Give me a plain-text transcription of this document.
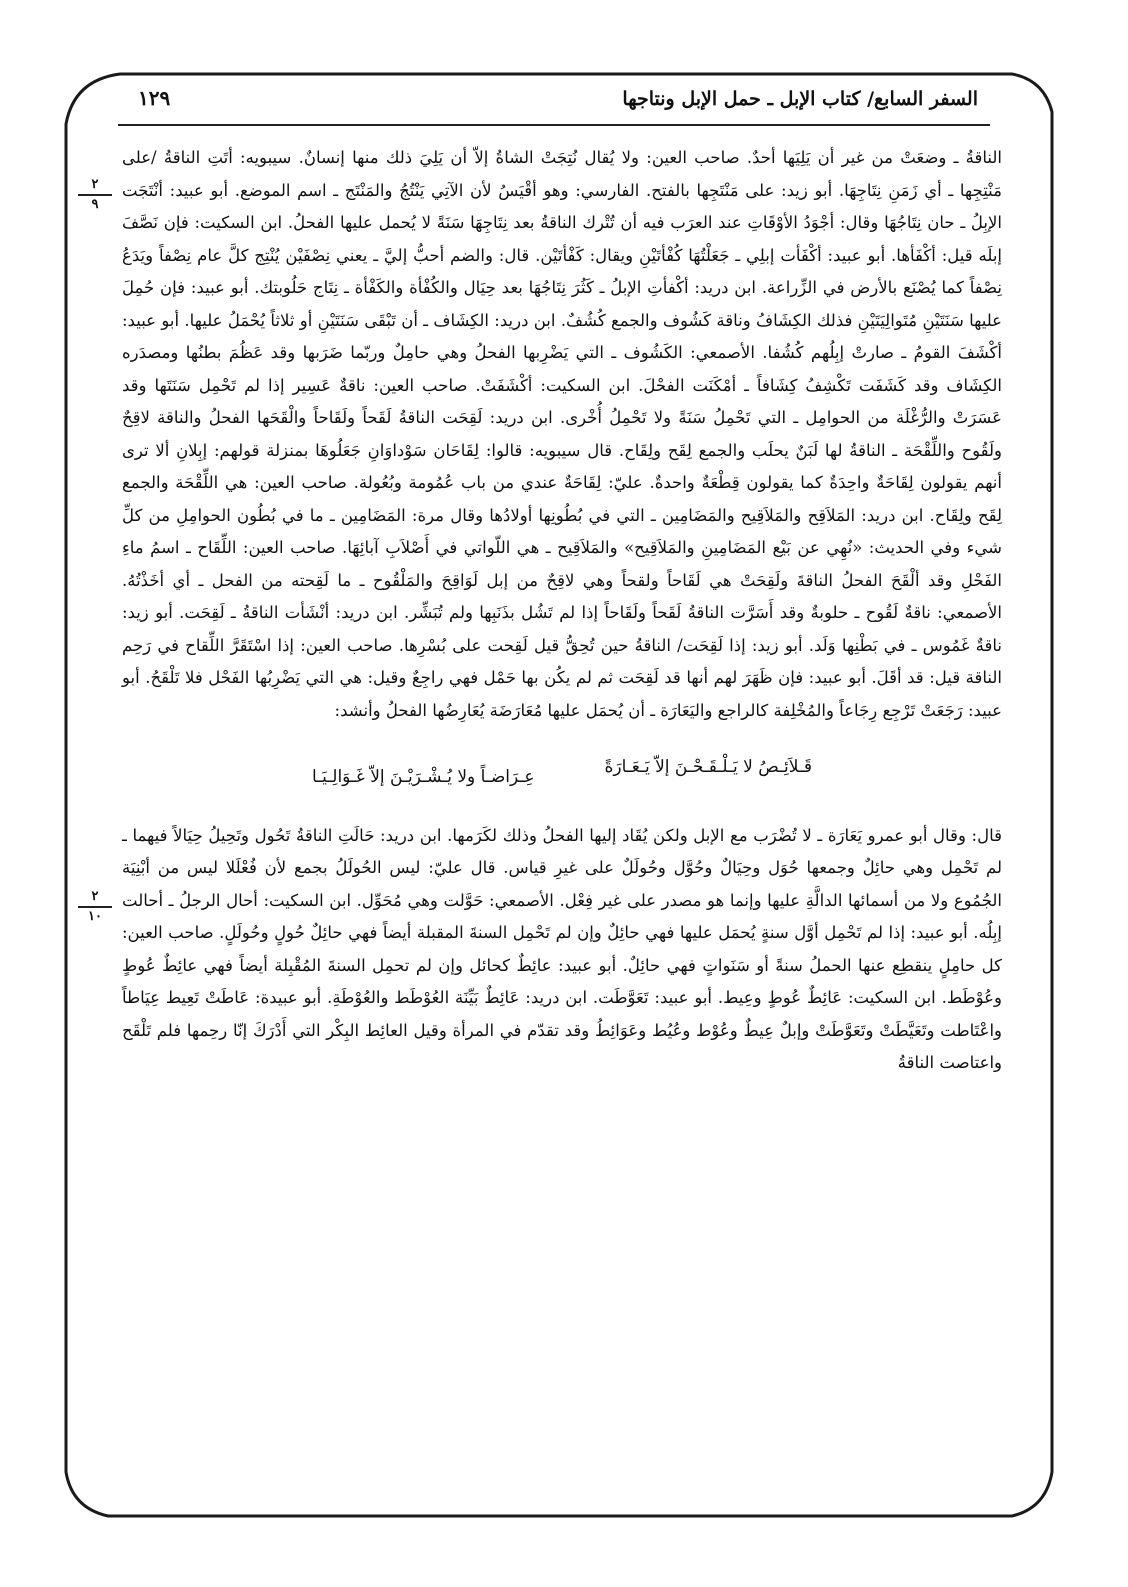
السفر السابع/ كتاب الإبل ـ حمل الإبل ونتاجها
١٢٩

الناقةُ ـ وضعَتْ من غير أن يَلِيَها أحدٌ. صاحب العين: ولا يُقال نُتِجَتْ الشاةُ إلاّ أن يَلِيَ ذلك منها إنسانٌ. سيبويه: أتَتِ الناقةُ /على مَنْتِجِها ـ أي زَمَنِ نِتَاجِهَا. أبو زيد: على مَنْتَجِها بالفتح. الفارسي: وهو أقْيَسُ لأن الآتِي يَنْتُجُ والمَنْتَج ـ اسم الموضع. أبو عبيد: أنْتَجَت الإبِلُ ـ حان نِتَاجُهَا وقال: أجْوَدُ الأوْقَاتِ عند العرَب فيه أن تُتْرك الناقةُ بعد نِتَاجِهَا سَنَةً لا يُحمل عليها الفحلُ. ابن السكيت: فإن نَصَّفَ إبلَه قيل: أكْفَأها. أبو عبيد: أكْفَأت إبلِي ـ جَعَلْتُهَا كُفْأتَيْنِ ويقال: كَفْأتَيْن. قال: والضم أحبُّ إليَّ ـ يعني نِصْفَيْن يُنْتِج كلَّ عام نِصْفاً ويَدَعُ نِصْفاً كما يُصْنَع بالأرض في الزِّراعة. ابن دريد: أكْفأتِ الإبلُ ـ كَثُرَ نِتَاجُهَا بعد حِيَال والكُفْأة والكَفْأة ـ نِتَاج حَلُوبتك. أبو عبيد: فإن حُمِلَ عليها سَنَتَيْنِ مُتَوالِيَتَيْنِ فذلك الكِشَافُ وناقة كَشُوف والجمع كُشُفٌ. ابن دريد: الكِشَاف ـ أن تَبْقَى سَنَتَيْنِ أو ثلاثاً يُحْمَلُ عليها. أبو عبيد: أكْشَفَ القومُ ـ صارتْ إبِلُهم كُشُفا. الأصمعي: الكَشُوف ـ التي يَضْرِبها الفحلُ وهي حامِلٌ وربّما ضَرَبها وقد عَظُمَ بطنُها ومصدَره الكِشَاف وقد كَشَفَت تَكْشِفُ كِشَافاً ـ أمْكَنَت الفحْلَ. ابن السكيت: أكْشَفَتْ. صاحب العين: ناقةٌ عَسِير إذا لم تَحْمِل سَنَتَها وقد عَسَرَتْ والرُّغْلَة من الحوامِل ـ التي تَحْمِلُ سَنَةً ولا تَحْمِلُ أُخْرى. ابن دريد: لَقِحَت الناقةُ لَقَحاً ولَقَاحاً والْقَحَها الفحلُ والناقة لاقِحٌ ولَقُوح واللِّقْحَة ـ الناقةُ لها لَبَنٌ يحلَب والجمع لِقَح ولِقَاح. قال سيبويه: قالوا: لِقَاحَان سَوْداوَانِ جَعَلُوهَا بمنزلة قولهم: إبِلانِ ألا ترى أنهم يقولون لِقَاحَةٌ واحِدَةٌ كما يقولون قِطْعَةٌ واحدةٌ. عليّ: لِقَاحَةٌ عندي من باب عُمُومة وبُعُولة. صاحب العين: هي اللِّقْحَة والجمع لِقَح ولِقَاح. ابن دريد: المَلاَقِح والمَلاَقِيح والمَضَامِين ـ التي في بُطُونِها أولادُها وقال مرة: المَضَامِين ـ ما في بُطُون الحوامِلِ من كلِّ شيء وفي الحديث: «نُهِي عن بَيْع المَضَامِينِ والمَلاَقِيح» والمَلاَقِيح ـ هي اللّواتي في أَصْلاَبِ آبائِهَا. صاحب العين: اللِّقَاح ـ اسمُ ماءِ الفَحْلِ وقد ألْقَحَ الفحلُ الناقةَ ولَقِحَتْ هي لَقَاحاً ولقحاً وهي لاقِحٌ من إبل لَوَاقِحَ والمَلْقُوح ـ ما لَقِحته من الفحل ـ أي أخَذْتُهُ. الأصمعي: ناقةٌ لَقُوح ـ حلوبةٌ وقد أَسَرَّت الناقةُ لَقَحاً ولَقَاحاً إذا لم تَشُل بذَنَبِها ولم تُبَشِّر. ابن دريد: أنْشَأت الناقةُ ـ لَقِحَت. أبو زيد: ناقةٌ غَمُوس ـ في بَطْنِها وَلَد. أبو زيد: إذا لَقِحَت/ الناقةُ حين تُحِقُّ قيل لَقِحت على بُسْرِها. صاحب العين: إذا اسْتَقَرَّ اللِّقاح في رَحِم الناقة قيل: قد أقَلَ. أبو عبيد: فإن ظَهَرَ لهم أنها قد لَقِحَت ثم لم يكُن بها حَمْل فهي راجِعٌ وقيل: هي التي يَضْرِبُها الفَحْل فلا تَلْقَحُ. أبو عبيد: رَجَعَتْ تَرْجِع رِجَاعاً والمُخْلِفة كالراجع واليَعَارَة ـ أن يُحمَل عليها مُعَارَضَة يُعَارِضُها الفحلُ وأنشد:

قَـلاَئِـصُ لا يَـلْـقَـحْـنَ إلاّ يَـعَـارَةً
عِـرَاضـاً ولا يُـشْـرَيْـنَ إلاّ غَـوَالِـيَـا

قال: وقال أبو عمرو يَعَارَة ـ لا تُضْرَب مع الإبل ولكن يُقَاد إليها الفحلُ وذلك لكَرَمها. ابن دريد: حَالَتِ الناقةُ تَحُول وتَحِيلُ حِيَالاً فيهما ـ لم تَحْمِل وهي حائِلٌ وجمعها حُوَل وحِيَالٌ وحُوَّل وحُولَلٌ على غيرِ قياس. قال عليّ: ليس الحُولَلُ بجمع لأن فُعْلَلا ليس من أبْنِيَة الجُمُوع ولا من أسمائها الدالَّةِ عليها وإنما هو مصدر على غير فِعْل. الأصمعي: حَوَّلت وهي مُحَوِّل. ابن السكيت: أحال الرجلُ ـ أحالت إبِلُه. أبو عبيد: إذا لم تَحْمِل أوَّل سنةٍ يُحمَل عليها فهي حائِلٌ وإن لم تَحْمِل السنةَ المقبلة أيضاً فهي حائِلٌ حُولٍ وحُولَلٍ. صاحب العين: كل حامِلٍ ينقطِع عنها الحملُ سنةً أو سَنَواتٍ فهي حائِلٌ. أبو عبيد: عائِطٌ كحائل وإن لم تحمِل السنةَ المُقْبِلة أيضاً فهي عائِطٌ عُوطٍ وعُوْطَط. ابن السكيت: عَائِطٌ عُوطٍ وعِيط. أبو عبيد: تَعَوَّطَت. ابن دريد: عَائِطٌ بَيِّنَة العُوْطَط والعُوْطَةِ. أبو عبيدة: عَاطَتْ تَعِيط عِيَاطاً واعْتَاطت وتَعَيَّطَتْ وتَعَوَّطَتْ وإبلٌ عِيطٌ وعُوْط وعُيُط وعَوَائِطُ وقد تقدّم في المرأة وقيل العائِط البِكْر التي أَدْرَكَ إنّا رحِمها فلم تَلْقَح واعتاصت الناقةُ

٢
٩
٢
١٠
